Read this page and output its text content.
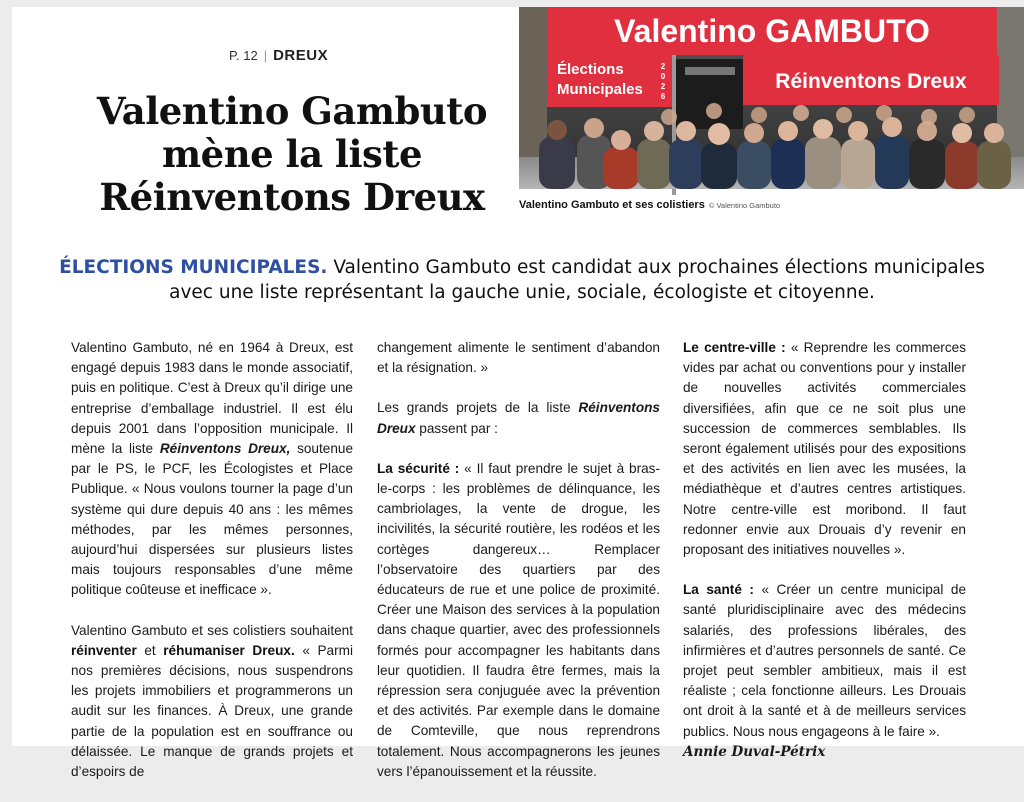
P. 12 | DREUX
Valentino Gambuto
mène la liste
Réinventons Dreux
Valentino GAMBUTO
Élections
Municipales
2
0
2
6
Réinventons Dreux
Valentino Gambuto et ses colistiers © Valentino Gambuto
ÉLECTIONS MUNICIPALES. Valentino Gambuto est candidat aux prochaines élections municipales avec une liste représentant la gauche unie, sociale, écologiste et citoyenne.

Valentino Gambuto, né en 1964 à Dreux, est engagé depuis 1983 dans le monde associatif, puis en politique. C’est à Dreux qu’il dirige une entreprise d’emballage industriel. Il est élu depuis 2001 dans l’opposition municipale. Il mène la liste Réinventons Dreux, soutenue par le PS, le PCF, les Écologistes et Place Publique. « Nous voulons tourner la page d’un système qui dure depuis 40 ans : les mêmes méthodes, par les mêmes personnes, aujourd’hui dispersées sur plusieurs listes mais toujours responsables d’une même politique coûteuse et inefficace ».

Valentino Gambuto et ses colistiers souhaitent réinventer et réhumaniser Dreux. « Parmi nos premières décisions, nous suspendrons les projets immobiliers et programmerons un audit sur les finances. À Dreux, une grande partie de la population est en souffrance ou délaissée. Le manque de grands projets et d’espoirs de

changement alimente le sentiment d’abandon et la résignation. »

Les grands projets de la liste Réinventons Dreux passent par :

La sécurité : « Il faut prendre le sujet à bras-le-corps : les problèmes de délinquance, les cambriolages, la vente de drogue, les incivilités, la sécurité routière, les rodéos et les cortèges dangereux… Remplacer l’observatoire des quartiers par des éducateurs de rue et une police de proximité. Créer une Maison des services à la population dans chaque quartier, avec des professionnels formés pour accompagner les habitants dans leur quotidien. Il faudra être fermes, mais la répression sera conjuguée avec la prévention et des activités. Par exemple dans le domaine de Comteville, que nous reprendrons totalement. Nous accompagnerons les jeunes vers l’épanouissement et la réussite.

Le centre-ville : « Reprendre les commerces vides par achat ou conventions pour y installer de nouvelles activités commerciales diversifiées, afin que ce ne soit plus une succession de commerces semblables. Ils seront également utilisés pour des expositions et des activités en lien avec les musées, la médiathèque et d’autres centres artistiques. Notre centre-ville est moribond. Il faut redonner envie aux Drouais d’y revenir en proposant des initiatives nouvelles ».

La santé : « Créer un centre municipal de santé pluridisciplinaire avec des médecins salariés, des professions libérales, des infirmières et d’autres personnels de santé. Ce projet peut sembler ambitieux, mais il est réaliste ; cela fonctionne ailleurs. Les Drouais ont droit à la santé et à de meilleurs services publics. Nous nous engageons à le faire ».

Annie Duval-Pétrix
